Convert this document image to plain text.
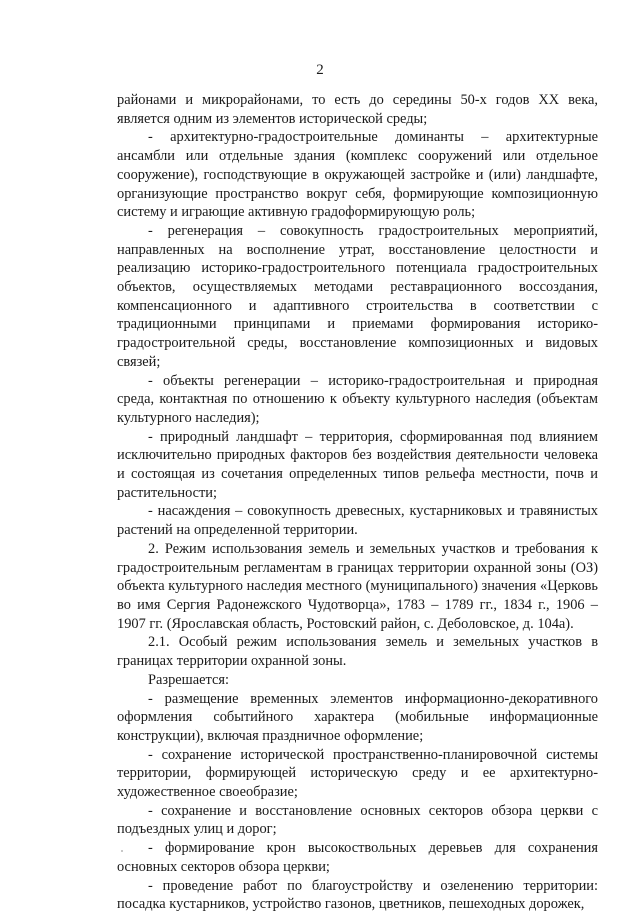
2

районами и микрорайонами, то есть до середины 50-х годов XX века, является одним из элементов исторической среды;

- архитектурно-градостроительные доминанты – архитектурные ансамбли или отдельные здания (комплекс сооружений или отдельное сооружение), господствующие в окружающей застройке и (или) ландшафте, организующие пространство вокруг себя, формирующие композиционную систему и играющие активную градоформирующую роль;

- регенерация – совокупность градостроительных мероприятий, направленных на восполнение утрат, восстановление целостности и реализацию историко-градостроительного потенциала градостроительных объектов, осуществляемых методами реставрационного воссоздания, компенсационного и адаптивного строительства в соответствии с традиционными принципами и приемами формирования историко-градостроительной среды, восстановление композиционных и видовых связей;

- объекты регенерации – историко-градостроительная и природная среда, контактная по отношению к объекту культурного наследия (объектам культурного наследия);

- природный ландшафт – территория, сформированная под влиянием исключительно природных факторов без воздействия деятельности человека и состоящая из сочетания определенных типов рельефа местности, почв и растительности;

- насаждения – совокупность древесных, кустарниковых и травянистых растений на определенной территории.

2. Режим использования земель и земельных участков и требования к градостроительным регламентам в границах территории охранной зоны (ОЗ) объекта культурного наследия местного (муниципального) значения «Церковь во имя Сергия Радонежского Чудотворца», 1783 – 1789 гг., 1834 г., 1906 – 1907 гг. (Ярославская область, Ростовский район, с. Деболовское, д. 104а).

2.1. Особый режим использования земель и земельных участков в границах территории охранной зоны.

Разрешается:

- размещение временных элементов информационно-декоративного оформления событийного характера (мобильные информационные конструкции), включая праздничное оформление;

- сохранение исторической пространственно-планировочной системы территории, формирующей историческую среду и ее архитектурно-художественное своеобразие;

- сохранение и восстановление основных секторов обзора церкви с подъездных улиц и дорог;

- формирование крон высокоствольных деревьев для сохранения основных секторов обзора церкви;

- проведение работ по благоустройству и озеленению территории: посадка кустарников, устройство газонов, цветников, пешеходных дорожек,
